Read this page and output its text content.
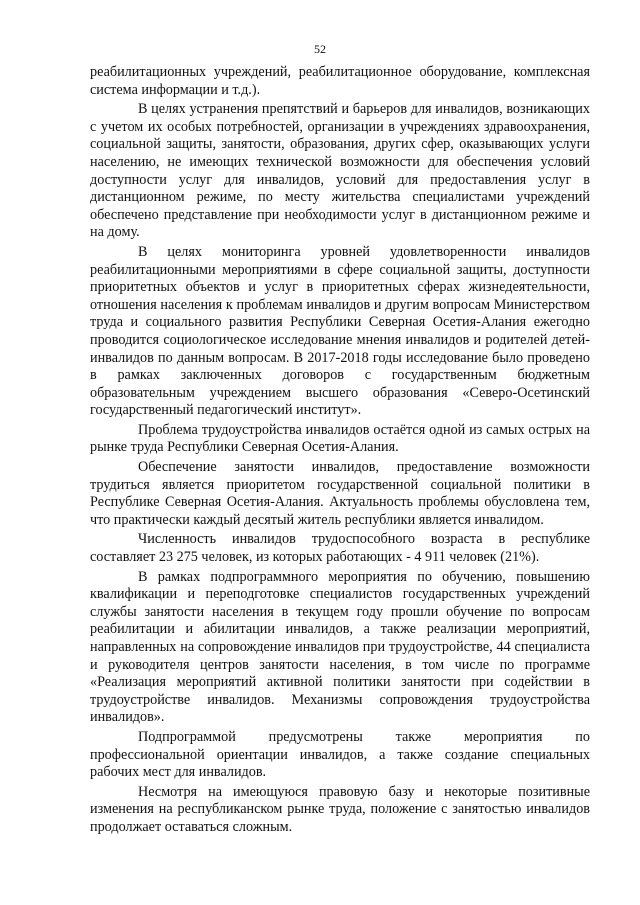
52

реабилитационных учреждений, реабилитационное оборудование, комплексная система информации и т.д.).

В целях устранения препятствий и барьеров для инвалидов, возникающих с учетом их особых потребностей, организации в учреждениях здравоохранения, социальной защиты, занятости, образования, других сфер, оказывающих услуги населению, не имеющих технической возможности для обеспечения условий доступности услуг для инвалидов, условий для предоставления услуг в дистанционном режиме, по месту жительства специалистами учреждений обеспечено представление при необходимости услуг в дистанционном режиме и на дому.

В целях мониторинга уровней удовлетворенности инвалидов реабилитационными мероприятиями в сфере социальной защиты, доступности приоритетных объектов и услуг в приоритетных сферах жизнедеятельности, отношения населения к проблемам инвалидов и другим вопросам Министерством труда и социального развития Республики Северная Осетия-Алания ежегодно проводится социологическое исследование мнения инвалидов и родителей детей-инвалидов по данным вопросам. В 2017-2018 годы исследование было проведено в рамках заключенных договоров с государственным бюджетным образовательным учреждением высшего образования «Северо-Осетинский государственный педагогический институт».

Проблема трудоустройства инвалидов остаётся одной из самых острых на рынке труда Республики Северная Осетия-Алания.

Обеспечение занятости инвалидов, предоставление возможности трудиться является приоритетом государственной социальной политики в Республике Северная Осетия-Алания. Актуальность проблемы обусловлена тем, что практически каждый десятый житель республики является инвалидом.

Численность инвалидов трудоспособного возраста в республике составляет 23 275 человек, из которых работающих - 4 911 человек (21%).

В рамках подпрограммного мероприятия по обучению, повышению квалификации и переподготовке специалистов государственных учреждений службы занятости населения в текущем году прошли обучение по вопросам реабилитации и абилитации инвалидов, а также реализации мероприятий, направленных на сопровождение инвалидов при трудоустройстве, 44 специалиста и руководителя центров занятости населения, в том числе по программе «Реализация мероприятий активной политики занятости при содействии в трудоустройстве инвалидов. Механизмы сопровождения трудоустройства инвалидов».

Подпрограммой предусмотрены также мероприятия по профессиональной ориентации инвалидов, а также создание специальных рабочих мест для инвалидов.

Несмотря на имеющуюся правовую базу и некоторые позитивные изменения на республиканском рынке труда, положение с занятостью инвалидов продолжает оставаться сложным.
